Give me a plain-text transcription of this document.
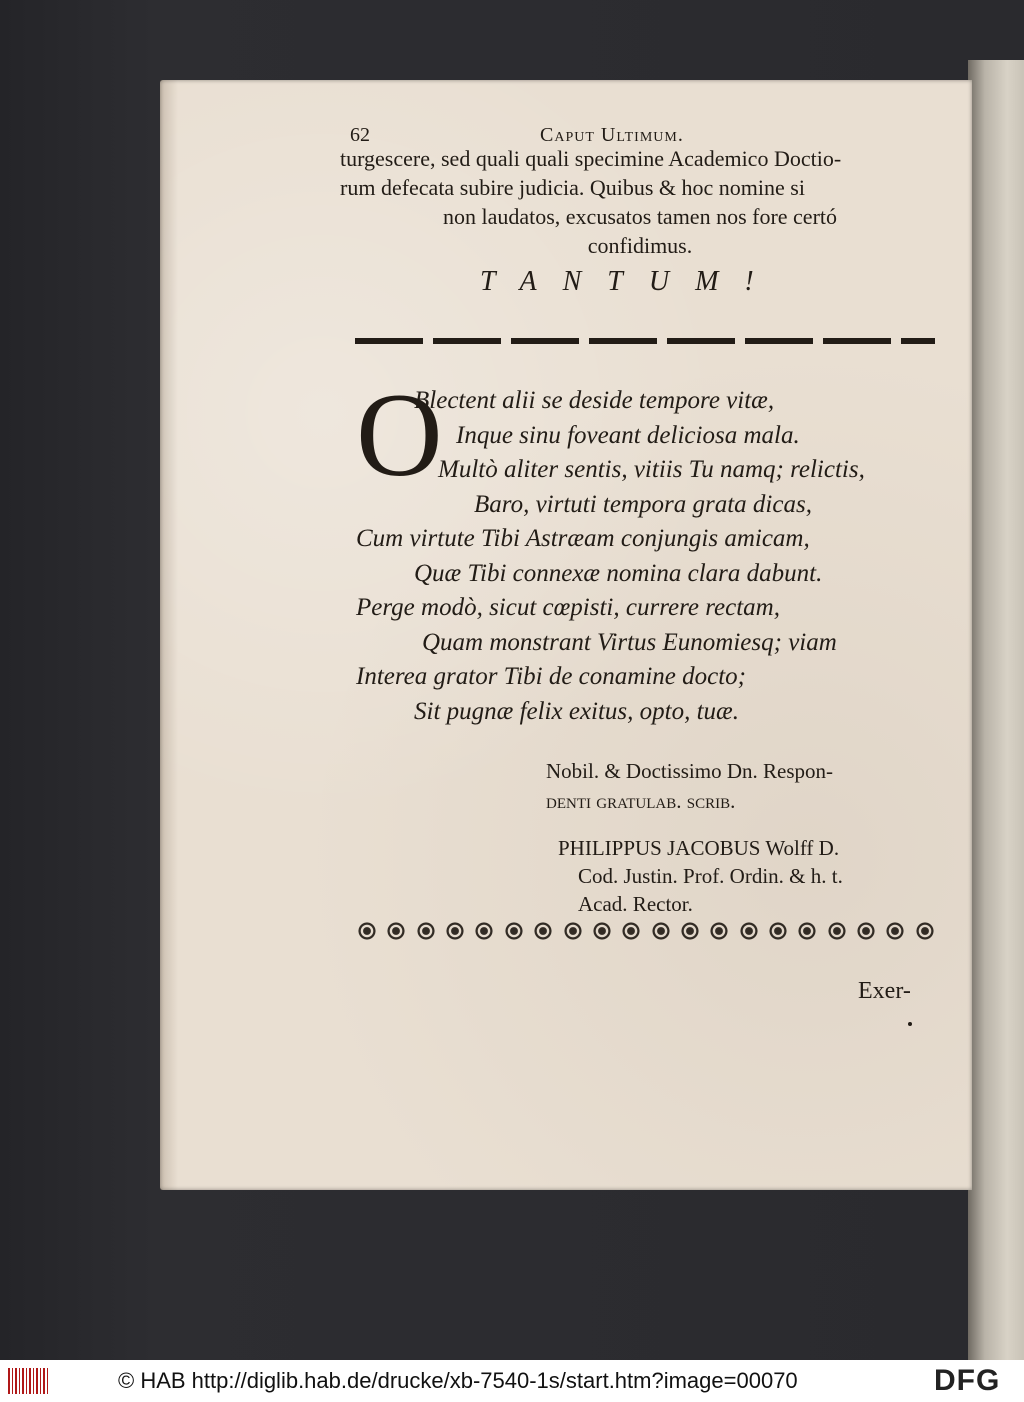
62	Caput Ultimum.
turgescere, sed quali quali specimine Academico Doctio-
rum defecata subire judicia. Quibus & hoc nomine si
non laudatos, excusatos tamen nos fore certó
confidimus.
TANTUM!
O
Blectent alii se deside tempore vitæ,
Inque sinu foveant deliciosa mala.
Multò aliter sentis, vitiis Tu namq; relictis,
Baro, virtuti tempora grata dicas,
Cum virtute Tibi Astræam conjungis amicam,
Quæ Tibi connexæ nomina clara dabunt.
Perge modò, sicut cœpisti, currere rectam,
Quam monstrant Virtus Eunomiesq; viam
Interea grator Tibi de conamine docto;
Sit pugnæ felix exitus, opto, tuæ.
Nobil. & Doctissimo Dn. Respon-
denti gratulab. scrib.
PHILIPPUS JACOBUS Wolff D.
Cod. Justin. Prof. Ordin. & h. t.
Acad. Rector.
Exer-
© HAB http://diglib.hab.de/drucke/xb-7540-1s/start.htm?image=00070	DFG
